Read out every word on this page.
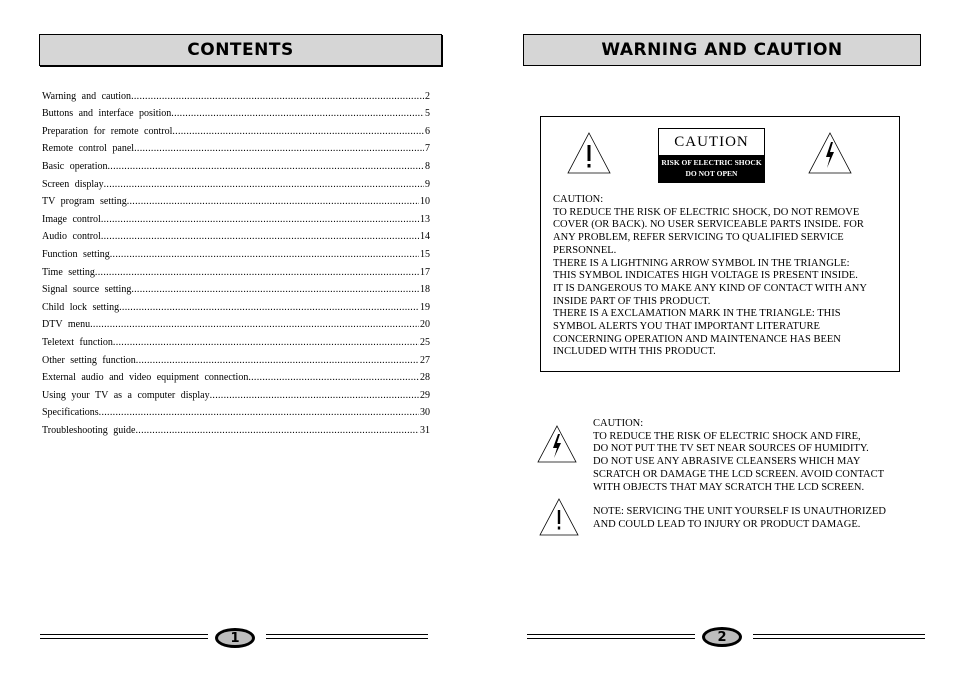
CONTENTS
Warning and caution .....	2
Buttons and interface position .....	5
Preparation for remote control .....	6
Remote control panel .....	7
Basic operation .....	8
Screen display .....	9
TV program setting .....	10
Image control .....	13
Audio control .....	14
Function setting .....	15
Time setting .....	17
Signal source setting .....	18
Child lock setting .....	19
DTV menu .....	20
Teletext function .....	25
Other setting function .....	27
External audio and video equipment connection .....	28
Using your TV as a computer display .....	29
Specifications .....	30
Troubleshooting guide .....	31
1
WARNING AND CAUTION
CAUTION
RISK OF ELECTRIC SHOCK
DO NOT OPEN
CAUTION:
TO REDUCE THE RISK OF ELECTRIC SHOCK, DO NOT REMOVE
COVER (OR BACK). NO USER SERVICEABLE PARTS INSIDE. FOR
ANY PROBLEM, REFER SERVICING TO QUALIFIED SERVICE
PERSONNEL.
THERE IS A LIGHTNING ARROW SYMBOL IN THE TRIANGLE:
THIS SYMBOL INDICATES HIGH VOLTAGE IS PRESENT INSIDE.
IT IS DANGEROUS TO MAKE ANY KIND OF CONTACT WITH ANY
INSIDE PART OF THIS PRODUCT.
THERE IS A EXCLAMATION MARK IN THE TRIANGLE: THIS
SYMBOL ALERTS YOU THAT IMPORTANT LITERATURE
CONCERNING OPERATION AND MAINTENANCE HAS BEEN
INCLUDED WITH THIS PRODUCT.
CAUTION:
TO REDUCE THE RISK OF ELECTRIC SHOCK AND FIRE,
DO NOT PUT THE TV SET NEAR SOURCES OF HUMIDITY.
DO NOT USE ANY ABRASIVE CLEANSERS WHICH MAY
SCRATCH OR DAMAGE THE LCD SCREEN. AVOID CONTACT
WITH OBJECTS THAT MAY SCRATCH THE LCD SCREEN.
NOTE: SERVICING THE UNIT YOURSELF IS UNAUTHORIZED
AND COULD LEAD TO INJURY OR PRODUCT DAMAGE.
2
